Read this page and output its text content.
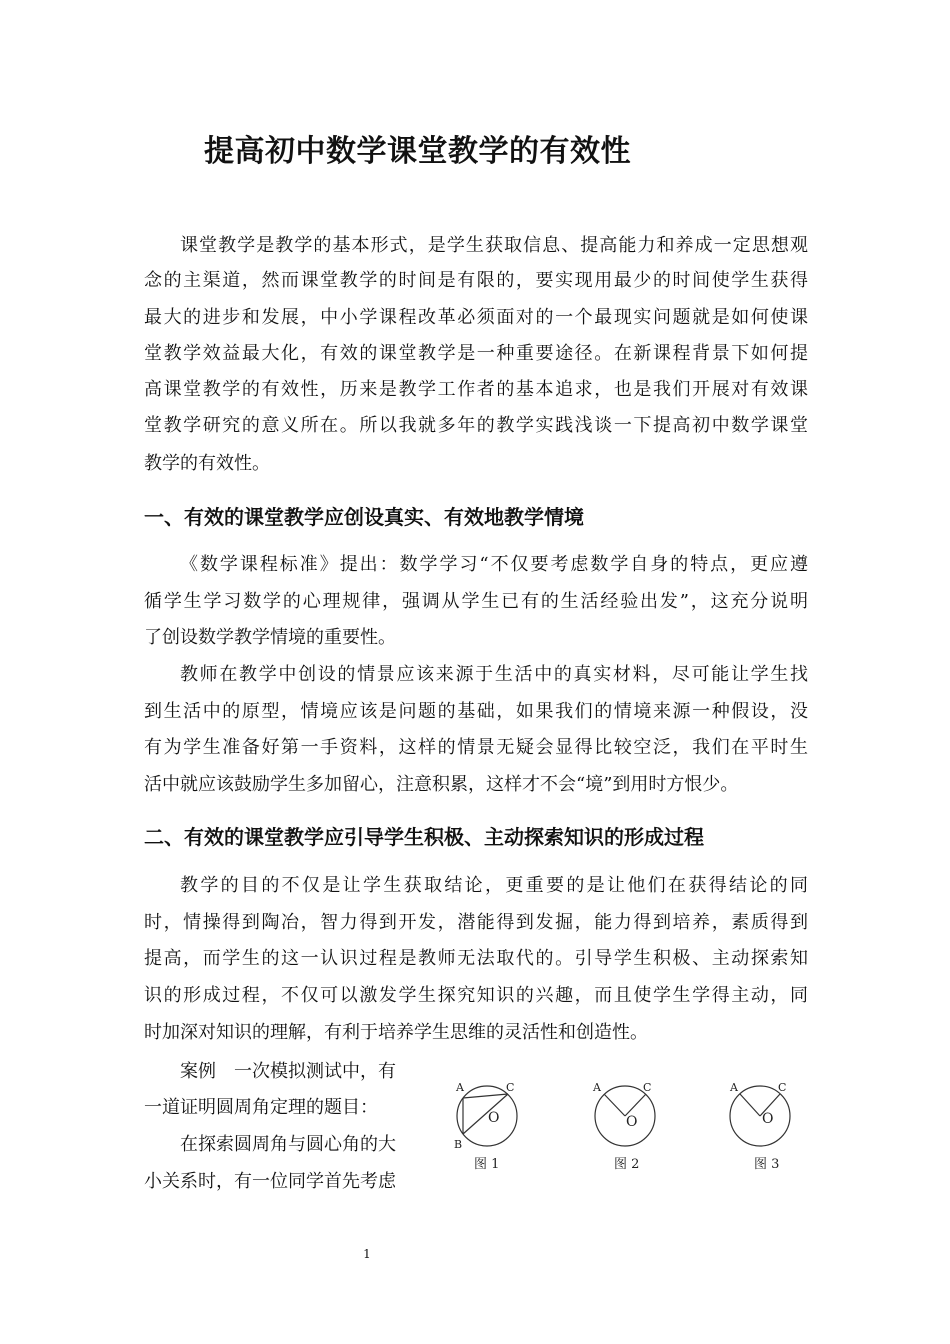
提高初中数学课堂教学的有效性
课堂教学是教学的基本形式，是学生获取信息、提高能力和养成一定思想观
念的主渠道，然而课堂教学的时间是有限的，要实现用最少的时间使学生获得
最大的进步和发展，中小学课程改革必须面对的一个最现实问题就是如何使课
堂教学效益最大化，有效的课堂教学是一种重要途径。在新课程背景下如何提
高课堂教学的有效性，历来是教学工作者的基本追求，也是我们开展对有效课
堂教学研究的意义所在。所以我就多年的教学实践浅谈一下提高初中数学课堂
教学的有效性。
一、有效的课堂教学应创设真实、有效地教学情境
《数学课程标准》提出：数学学习“不仅要考虑数学自身的特点，更应遵
循学生学习数学的心理规律，强调从学生已有的生活经验出发”，这充分说明
了创设数学教学情境的重要性。
教师在教学中创设的情景应该来源于生活中的真实材料，尽可能让学生找
到生活中的原型，情境应该是问题的基础，如果我们的情境来源一种假设，没
有为学生准备好第一手资料，这样的情景无疑会显得比较空泛，我们在平时生
活中就应该鼓励学生多加留心，注意积累，这样才不会“境”到用时方恨少。
二、有效的课堂教学应引导学生积极、主动探索知识的形成过程
教学的目的不仅是让学生获取结论，更重要的是让他们在获得结论的同
时，情操得到陶冶，智力得到开发，潜能得到发掘，能力得到培养，素质得到
提高，而学生的这一认识过程是教师无法取代的。引导学生积极、主动探索知
识的形成过程，不仅可以激发学生探究知识的兴趣，而且使学生学得主动，同
时加深对知识的理解，有利于培养学生思维的灵活性和创造性。
案例　一次模拟测试中，有
一道证明圆周角定理的题目：
在探索圆周角与圆心角的大
小关系时，有一位同学首先考虑
A	C
B
O
图 1
A	C
O
图 2
A	C
O
图 3
1
